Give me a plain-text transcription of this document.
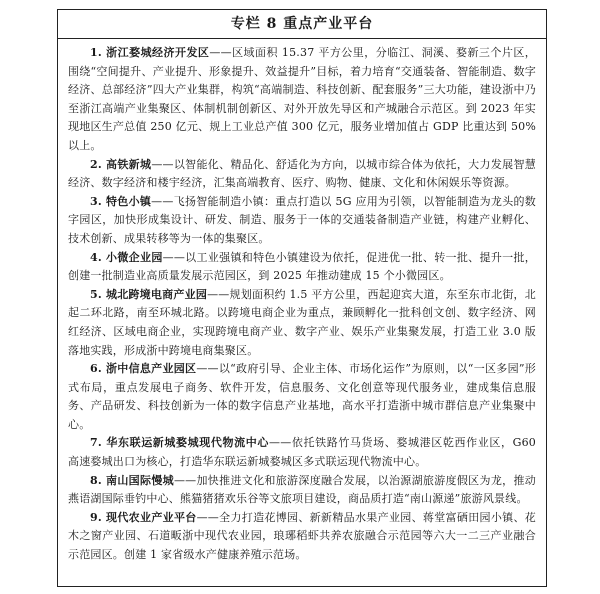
专栏 8 重点产业平台

1. 浙江婺城经济开发区——区域面积 15.37 平方公里，分临江、洞溪、婺新三个片区，围绕“空间提升、产业提升、形象提升、效益提升”目标，着力培育“交通装备、智能制造、数字经济、总部经济”四大产业集群，构筑“高端制造、科技创新、配套服务”三大功能，建设浙中乃至浙江高端产业集聚区、体制机制创新区、对外开放先导区和产城融合示范区。到 2023 年实现地区生产总值 250 亿元、规上工业总产值 300 亿元，服务业增加值占 GDP 比重达到 50%以上。

2. 高铁新城——以智能化、精品化、舒适化为方向，以城市综合体为依托，大力发展智慧经济、数字经济和楼宇经济，汇集高端教育、医疗、购物、健康、文化和休闲娱乐等资源。

3. 特色小镇——飞扬智能制造小镇：重点打造以 5G 应用为引领，以智能制造为龙头的数字园区，加快形成集设计、研发、制造、服务于一体的交通装备制造产业链，构建产业孵化、技术创新、成果转移等为一体的集聚区。

4. 小微企业园——以工业强镇和特色小镇建设为依托，促进优一批、转一批、提升一批，创建一批制造业高质量发展示范园区，到 2025 年推动建成 15 个小微园区。

5. 城北跨境电商产业园——规划面积约 1.5 平方公里，西起迎宾大道，东至东市北街，北起二环北路，南至环城北路。以跨境电商企业为重点，兼顾孵化一批科创文创、数字经济、网红经济、区域电商企业，实现跨境电商产业、数字产业、娱乐产业集聚发展，打造工业 3.0 版落地实践，形成浙中跨境电商集聚区。

6. 浙中信息产业园区——以“政府引导、企业主体、市场化运作”为原则，以“一区多园”形式布局，重点发展电子商务、软件开发，信息服务、文化创意等现代服务业，建成集信息服务、产品研发、科技创新为一体的数字信息产业基地，高水平打造浙中城市群信息产业集聚中心。

7. 华东联运新城婺城现代物流中心——依托铁路竹马货场、婺城港区乾西作业区，G60 高速婺城出口为核心，打造华东联运新城婺城区多式联运现代物流中心。

8. 南山国际慢城——加快推进文化和旅游深度融合发展，以治源湖旅游度假区为龙，推动燕语湖国际垂钓中心、熊猫猪猪欢乐谷等文旅项目建设，商品质打造“南山源递”旅游风景线。

9. 现代农业产业平台——全力打造花博园、新新精品水果产业园、蒋堂富硒田园小镇、花木之窗产业园、石道畈浙中现代农业园，琅琊稻虾共养农旅融合示范园等六大一二三产业融合示范园区。创建 1 家省级水产健康养殖示范场。
